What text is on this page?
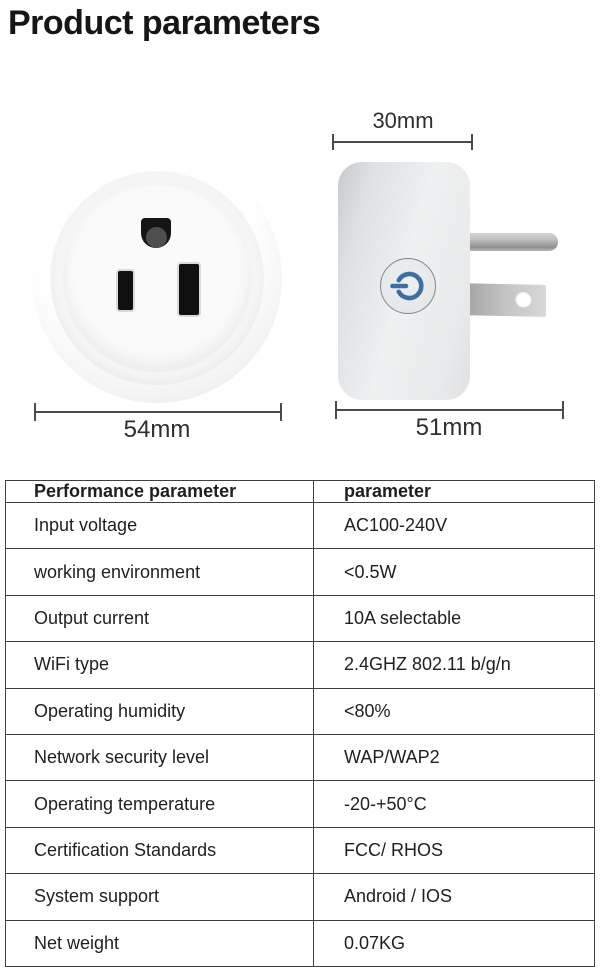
Product parameters
54mm
30mm
51mm
Performance parameter	parameter
Input voltage	AC100-240V
working environment	<0.5W
Output current	10A selectable
WiFi type	2.4GHZ 802.11 b/g/n
Operating humidity	<80%
Network security level	WAP/WAP2
Operating temperature	-20-+50°C
Certification Standards	FCC/ RHOS
System support	Android / IOS
Net weight	0.07KG
